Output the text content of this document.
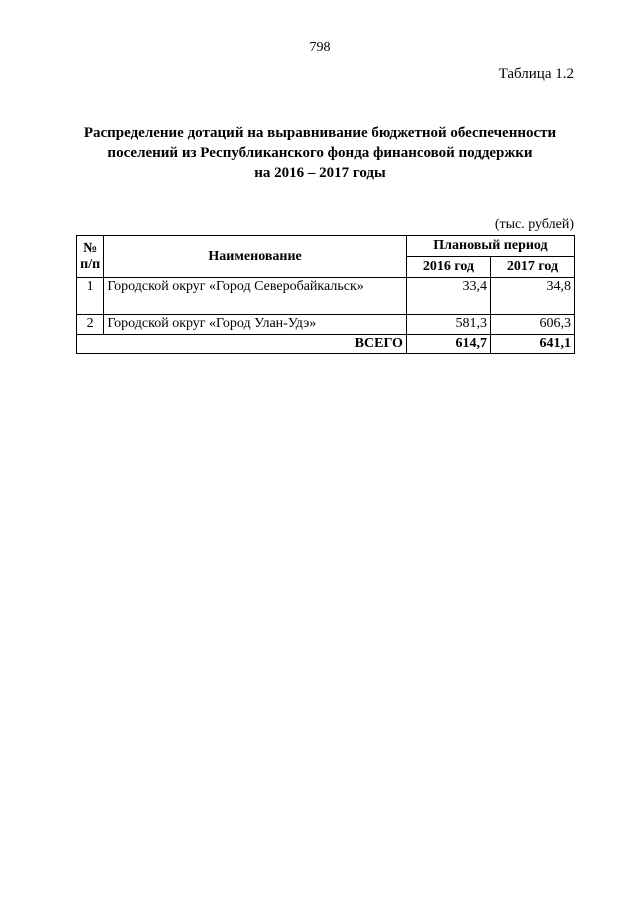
798
Таблица 1.2
Распределение дотаций на выравнивание бюджетной обеспеченности
поселений из Республиканского фонда финансовой поддержки
на 2016 – 2017 годы
(тыс. рублей)
№
п/п	Наименование	Плановый период	
		2016 год	2017 год
1	Городской округ «Город Северобайкальск»	33,4	34,8
2	Городской округ «Город Улан-Удэ»	581,3	606,3
ВСЕГО		614,7	641,1
